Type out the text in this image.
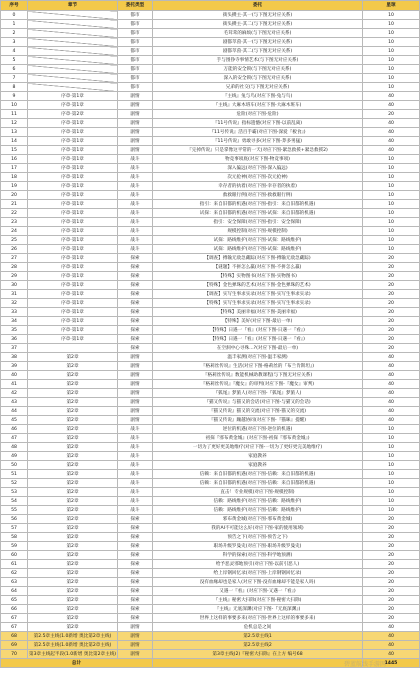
序号	章节	委托类型	委托	星琼
0		都市	街头攒主·其一(与下图无对应关系)	10
1		都市	街头攒主·其二(与下图无对应关系)	10
2		都市	毛茸茸的麻烦(与下图无对应关系)	10
3		都市	剧都萃茵·其一(与下图无对应关系)	10
4		都市	剧都萃茵·其二(与下图无对应关系)	10
5		都市	手与围挣寺事情艺术(与下图无对应关系)	10
6		都市	万能的安全锁(与下图无对应关系)	10
7		都市	深入的安全锁(与下图无对应关系)	10
8		都市	兄弟的社交(与下图无对应关系)	10
9	序章·第1章	剧情	『主线』兔与鸟(对应下图-兔与鸟)	40
10	序章·第1章	剧情	『主线』大麻木班车(对应下图-大麻木班车)	40
11	序章·第2章	剧情	危险(对应下图-危险)	20
12	序章·第1章	剧情	『11号传说』指标遗憾(对应下图-以前乱离)	40
13	序章·第1章	剧情	『11号传说』活百手霸(对应下图-深爱『板食』)	40
14	序章·第1章	剧情	『11号传说』勇敢寻多(对应下图-莽多男猛)	40
15	序章·第1章	剧情	『完掉传说』只是掌像这平常的一天(对应下图-紧急救援+紧急救援2)	40
16	序章·第1章	战斗	物竞事项底(对应下图-物竞事项)	10
17	序章·第1章	战斗	深入偏远(对应下图-深入偏远)	10
18	序章·第1章	战斗	次元抢神(对应下图-次元抢神)	10
19	序章·第1章	战斗	幸存者的执着(对应下图-幸存者的执着)	10
20	序章·第1章	战斗	救救眼行例(对应下图-救救眼行例)	10
21	序章·第1章	战斗	指引：来自旧都的机遇(对应下图-指引：来自旧都的机遇)	10
22	序章·第1章	战斗	试探：来自旧都的机遇(对应下图-试探：来自旧都的机遇)	10
23	序章·第1章	战斗	指引：安全保障(对应下图-指引：安全保障)	10
24	序章·第1章	战斗	规模控制(对应下图-规模控制)	10
25	序章·第1章	战斗	试探：路线维护(对应下图-试探：路线维护)	10
26	序章·第1章	战斗	试探：路线维护(对应下图-试探：路线维护)	10
27	序章·第1章	探索	【调查】搏输无敌急藏踪(对应下图-搏输无敌急藏踪)	20
28	序章·第1章	探索	【谜题】不拼怎么赢(对应下图-不拼怎么赢)	20
29	序章·第1章	探索	【特殊】实物图书(对应下图-实物图书)	20
30	序章·第1章	探索	【特殊】金色弹珠的艺术(对应下图-金色弹珠的艺术)	20
31	序章·第1章	探索	【调查】实写生事求实录(对应下图-实写生事求实录)	20
32	序章·第1章	探索	【特殊】实写生事求实录(对应下图-实写生事求实录)	20
33	序章·第1章	探索	【特殊】美丽幸福(对应下图-美丽幸福)	20
34	序章·第1章	探索	【特殊】美好(对应下图-最后一单)	20
35	序章·第1章	探索	【特殊】日遇一『看』(对应下图-日遇一『看』)	20
36	序章·第1章	探索	【特殊】日遇一『看』(对应下图-日遇一『看』)	20
37		探索	在空洞中心寻殊…?(对应下图-最后一单)	20
38	第2章	剧情	温丰家测(对应下图-温丰家测)	40
39	第2章	剧情	『格莉丝传说』生活(对应下图-格莉丝的『布兰肯斯坦』)	40
40	第2章	剧情	『格莉丝传说』数能机械助教课程(与下图无对应关系)	40
41	第2章	剧情	『格莉丝传说』『魔女』的审判(对应下图-『魔女』审判)	40
42	第2章	剧情	『狐尾』梦旅人(对应下图-『狐尾』梦旅人)	40
43	第2章	剧情	『猫又传说』与猫又的会话(对应下图-与猫又的会话)	40
44	第2章	剧情	『猫又传说』猫又的交流(对应下图-猫又的交流)	40
45	第2章	剧情	『猫又传说』蹦越协同(对应下图-『猫咪』提醒)	40
46	第2章	战斗	逆位的机遇(对应下图-逆位的机遇)	10
47	第2章	战斗	初探『邪布黄金城』(对应下图-初探『邪布黄金城』)	10
48	第2章	战斗	一切为了更好更美地维疗(对应下图-一切为了更好更完美地维疗)	10
49	第2章	战斗	家庭教养	10
50	第2章	战斗	家庭教养	10
51	第2章	战斗	信赖：来自旧都的机遇(对应下图-信赖：来自旧都的机遇)	10
52	第2章	战斗	信赖：来自旧都的机遇(对应下图-信赖：来自旧都的机遇)	10
53	第2章	战斗	直击！专业规模(对应下图-规模控制)	10
54	第2章	战斗	信赖：路线维护(对应下图-信赖：路线维护)	10
55	第2章	战斗	信赖：路线维护(对应下图-信赖：路线维护)	10
56	第2章	探索	邪布黄金城(对应下图-邪布黄金城)	20
57	第2章	探索	我的AI不可能这么好(对应下图-家的使用领域)	20
58	第2章	探索	预告之下(对应下图-预告之下)	20
59	第2章	探索	职场升级罗曼史(对应下图-职场升级罗曼史)	20
60	第2章	探索	科学的探索(对应下图-科学地预测)	20
61	第2章	探索	给予恶灵邪地预引(对应下图-以前引恶人)	20
62	第2章	探索	给上岸钢回忆录(对应下图-上岸钢钢回忆录)	20
63	第2章	探索	没有血缘却也是家人(对应下图-没有血缘却不能是家人吗)	20
64	第2章	探索	又遇一『看』(对应下图-又遇一『看』)	20
65	第2章	探索	『主线』秘密大扫除(对应下图-秘密大扫除)	20
66	第2章	探索	『主线』无底深渊(对应下图-『无底深渊』)	20
67	第2章	探索	世界上这样的事要多来(对应下图-世界上这样的事要多来)	20
67	第2章	剧情	危机总是之间	40
68	第2.5章主线(1.0新增 奥比第2章主线)	剧情	第2.5章主线1	40
69	第2.5章主线(1.0新增 奥比第2章主线)	剧情	第2.5章主线2	40
70	第3章主线起半段(1.0新增 奥比第2章主线)	剧情	第3章主线(2)『秘密大扫除』在上方 编号68	40
总计				1445
碧蓝航线手游网
